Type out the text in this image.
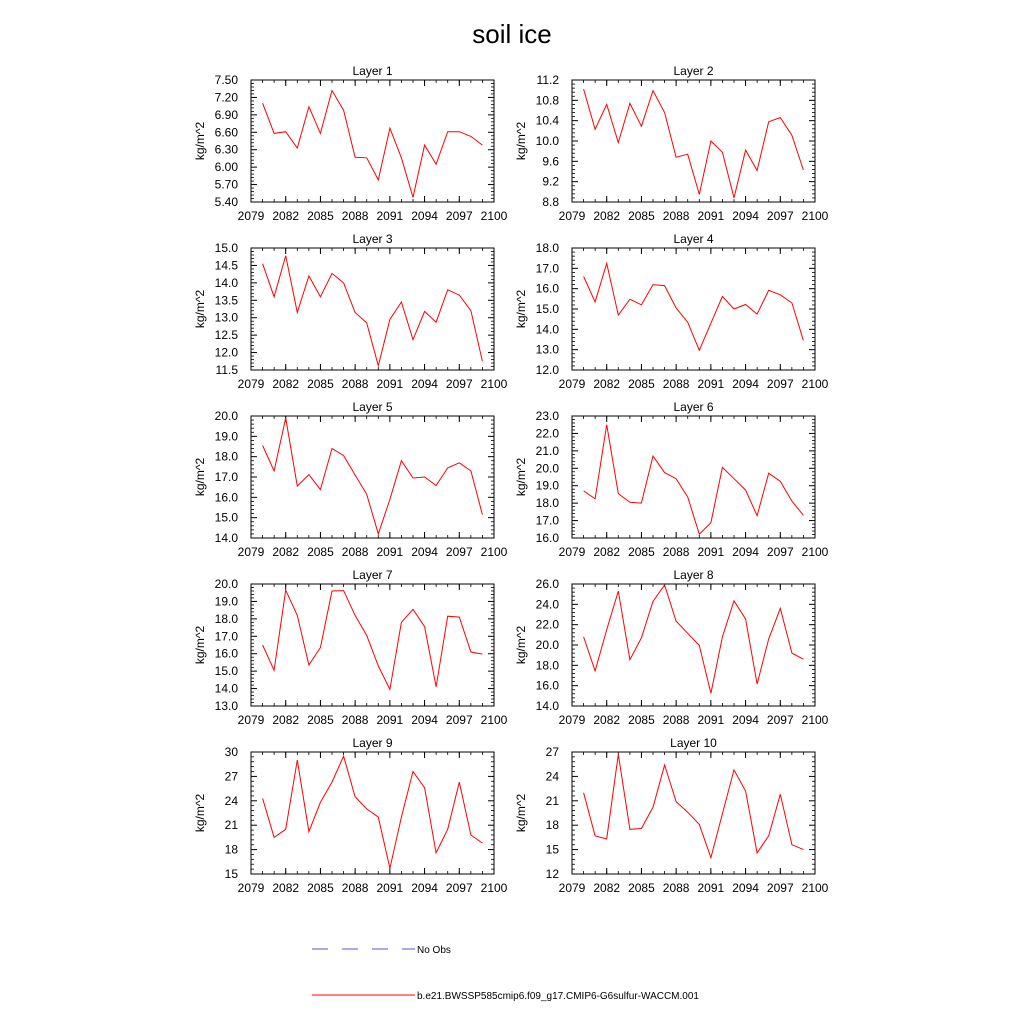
soil ice
Layer 1
2079 2082 2085 2088 2091 2094 2097 2100
5.40
5.70
6.00
6.30
6.60
6.90
7.20
7.50
kg/m^2
Layer 2
2079 2082 2085 2088 2091 2094 2097 2100
8.8
9.2
9.6
10.0
10.4
10.8
11.2
kg/m^2
Layer 3
2079 2082 2085 2088 2091 2094 2097 2100
11.5
12.0
12.5
13.0
13.5
14.0
14.5
15.0
kg/m^2
Layer 4
2079 2082 2085 2088 2091 2094 2097 2100
12.0
13.0
14.0
15.0
16.0
17.0
18.0
kg/m^2
Layer 5
2079 2082 2085 2088 2091 2094 2097 2100
14.0
15.0
16.0
17.0
18.0
19.0
20.0
kg/m^2
Layer 6
2079 2082 2085 2088 2091 2094 2097 2100
16.0
17.0
18.0
19.0
20.0
21.0
22.0
23.0
kg/m^2
Layer 7
2079 2082 2085 2088 2091 2094 2097 2100
13.0
14.0
15.0
16.0
17.0
18.0
19.0
20.0
kg/m^2
Layer 8
2079 2082 2085 2088 2091 2094 2097 2100
14.0
16.0
18.0
20.0
22.0
24.0
26.0
kg/m^2
Layer 9
2079 2082 2085 2088 2091 2094 2097 2100
15
18
21
24
27
30
kg/m^2
Layer 10
2079 2082 2085 2088 2091 2094 2097 2100
12
15
18
21
24
27
kg/m^2
No Obs
b.e21.BWSSP585cmip6.f09_g17.CMIP6-G6sulfur-WACCM.001
